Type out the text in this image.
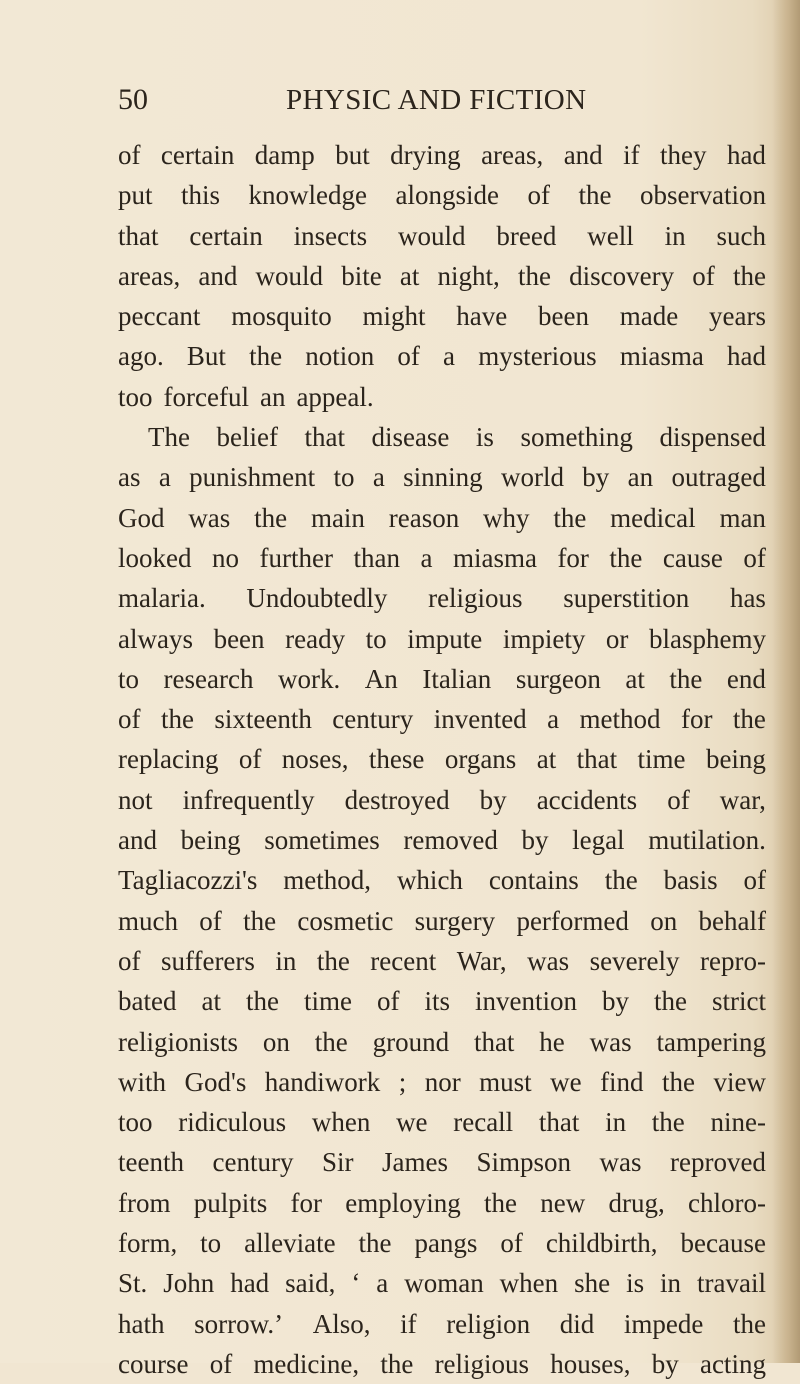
50	PHYSIC AND FICTION

of certain damp but drying areas, and if they had
put this knowledge alongside of the observation
that certain insects would breed well in such
areas, and would bite at night, the discovery of the
peccant mosquito might have been made years
ago. But the notion of a mysterious miasma had
too forceful an appeal.
The belief that disease is something dispensed
as a punishment to a sinning world by an outraged
God was the main reason why the medical man
looked no further than a miasma for the cause of
malaria. Undoubtedly religious superstition has
always been ready to impute impiety or blasphemy
to research work. An Italian surgeon at the end
of the sixteenth century invented a method for the
replacing of noses, these organs at that time being
not infrequently destroyed by accidents of war,
and being sometimes removed by legal mutilation.
Tagliacozzi's method, which contains the basis of
much of the cosmetic surgery performed on behalf
of sufferers in the recent War, was severely repro-
bated at the time of its invention by the strict
religionists on the ground that he was tampering
with God's handiwork ; nor must we find the view
too ridiculous when we recall that in the nine-
teenth century Sir James Simpson was reproved
from pulpits for employing the new drug, chloro-
form, to alleviate the pangs of childbirth, because
St. John had said, ‘ a woman when she is in travail
hath sorrow.’ Also, if religion did impede the
course of medicine, the religious houses, by acting
